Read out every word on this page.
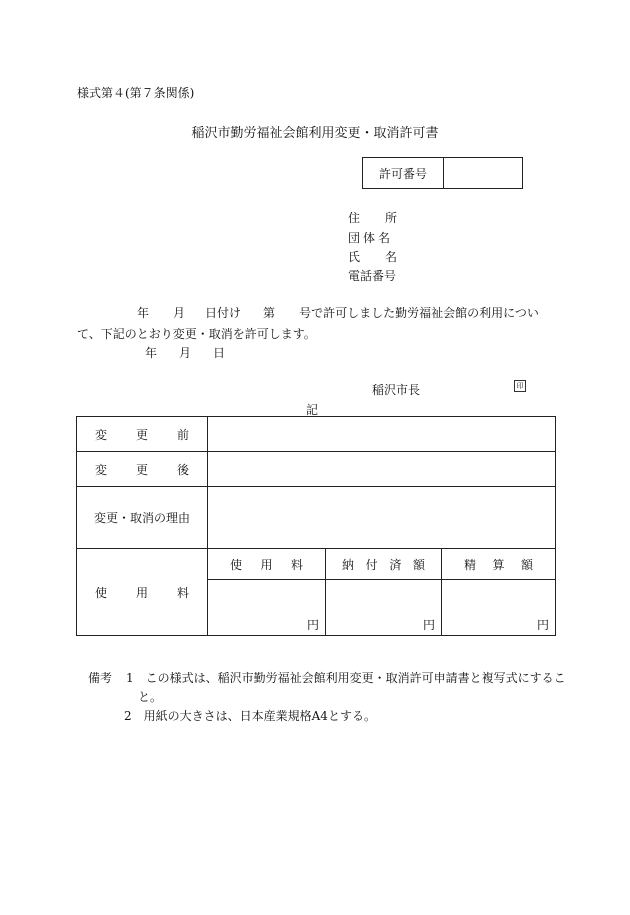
様式第４(第７条関係)
稲沢市勤労福祉会館利用変更・取消許可書
許可番号	
住 所
団 体 名
氏 名
電話番号
年 月 日付け 第 号で許可しました勤労福祉会館の利用につい
て、下記のとおり変更・取消を許可します。
年 月 日
稲沢市長	印
記
変 更 前			

変 更 後			

変更・取消の理由			

使 用 料	使 用 料	納 付 済 額	精 算 額

	円	円	円
備考 1 この様式は、稲沢市勤労福祉会館利用変更・取消許可申請書と複写式にするこ
と。
2 用紙の大きさは、日本産業規格A4とする。
